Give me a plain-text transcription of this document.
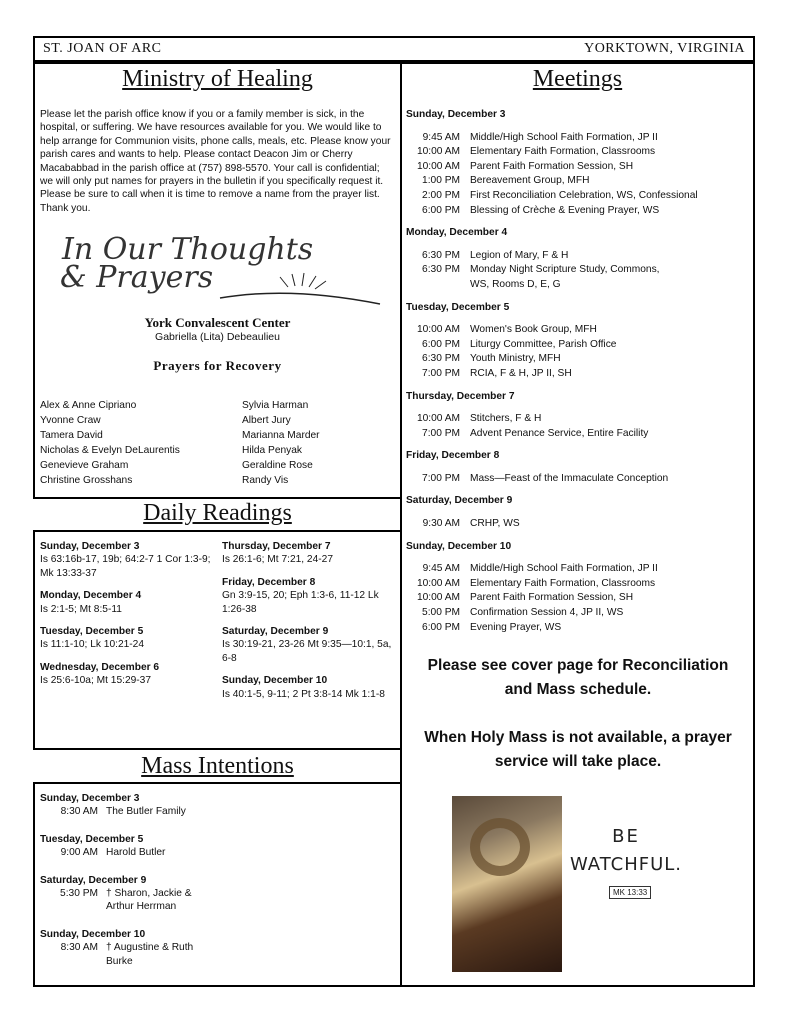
ST. JOAN OF ARC	YORKTOWN, VIRGINIA
Ministry of Healing
Please let the parish office know if you or a family member is sick, in the hospital, or suffering. We have resources available for you. We would like to help arrange for Communion visits, phone calls, meals, etc. Please know your parish cares and wants to help. Please contact Deacon Jim or Cherry Macababbad in the parish office at (757) 898-5570. Your call is confidential; we will only put names for prayers in the bulletin if you specifically request it. Please be sure to call when it is time to remove a name from the prayer list. Thank you.
In Our Thoughts
& Prayers
York Convalescent Center
Gabriella (Lita) Debeaulieu
Prayers for Recovery
Alex & Anne Cipriano
Yvonne Craw
Tamera David
Nicholas & Evelyn DeLaurentis
Genevieve Graham
Christine Grosshans
Sylvia Harman
Albert Jury
Marianna Marder
Hilda Penyak
Geraldine Rose
Randy Vis
Daily Readings
Sunday, December 3
Is 63:16b-17, 19b; 64:2-7 1 Cor 1:3-9; Mk 13:33-37
Monday, December 4
Is 2:1-5; Mt 8:5-11
Tuesday, December 5
Is 11:1-10; Lk 10:21-24
Wednesday, December 6
Is 25:6-10a; Mt 15:29-37
Thursday, December 7
Is 26:1-6; Mt 7:21, 24-27
Friday, December 8
Gn 3:9-15, 20; Eph 1:3-6, 11-12 Lk 1:26-38
Saturday, December 9
Is 30:19-21, 23-26 Mt 9:35—10:1, 5a, 6-8
Sunday, December 10
Is 40:1-5, 9-11; 2 Pt 3:8-14 Mk 1:1-8
Mass Intentions
Sunday, December 3
8:30 AM The Butler Family
Tuesday, December 5
9:00 AM Harold Butler
Saturday, December 9
5:30 PM † Sharon, Jackie & Arthur Herrman
Sunday, December 10
8:30 AM † Augustine & Ruth Burke
Meetings
Sunday, December 3
9:45 AM Middle/High School Faith Formation, JP II
10:00 AM Elementary Faith Formation, Classrooms
10:00 AM Parent Faith Formation Session, SH
1:00 PM Bereavement Group, MFH
2:00 PM First Reconciliation Celebration, WS, Confessional
6:00 PM Blessing of Crèche & Evening Prayer, WS
Monday, December 4
6:30 PM Legion of Mary, F & H
6:30 PM Monday Night Scripture Study, Commons, WS, Rooms D, E, G
Tuesday, December 5
10:00 AM Women's Book Group, MFH
6:00 PM Liturgy Committee, Parish Office
6:30 PM Youth Ministry, MFH
7:00 PM RCIA, F & H, JP II, SH
Thursday, December 7
10:00 AM Stitchers, F & H
7:00 PM Advent Penance Service, Entire Facility
Friday, December 8
7:00 PM Mass—Feast of the Immaculate Conception
Saturday, December 9
9:30 AM CRHP, WS
Sunday, December 10
9:45 AM Middle/High School Faith Formation, JP II
10:00 AM Elementary Faith Formation, Classrooms
10:00 AM Parent Faith Formation Session, SH
5:00 PM Confirmation Session 4, JP II, WS
6:00 PM Evening Prayer, WS
Please see cover page for Reconciliation and Mass schedule.
When Holy Mass is not available, a prayer service will take place.
BE
WATCHFUL.
MK 13:33
